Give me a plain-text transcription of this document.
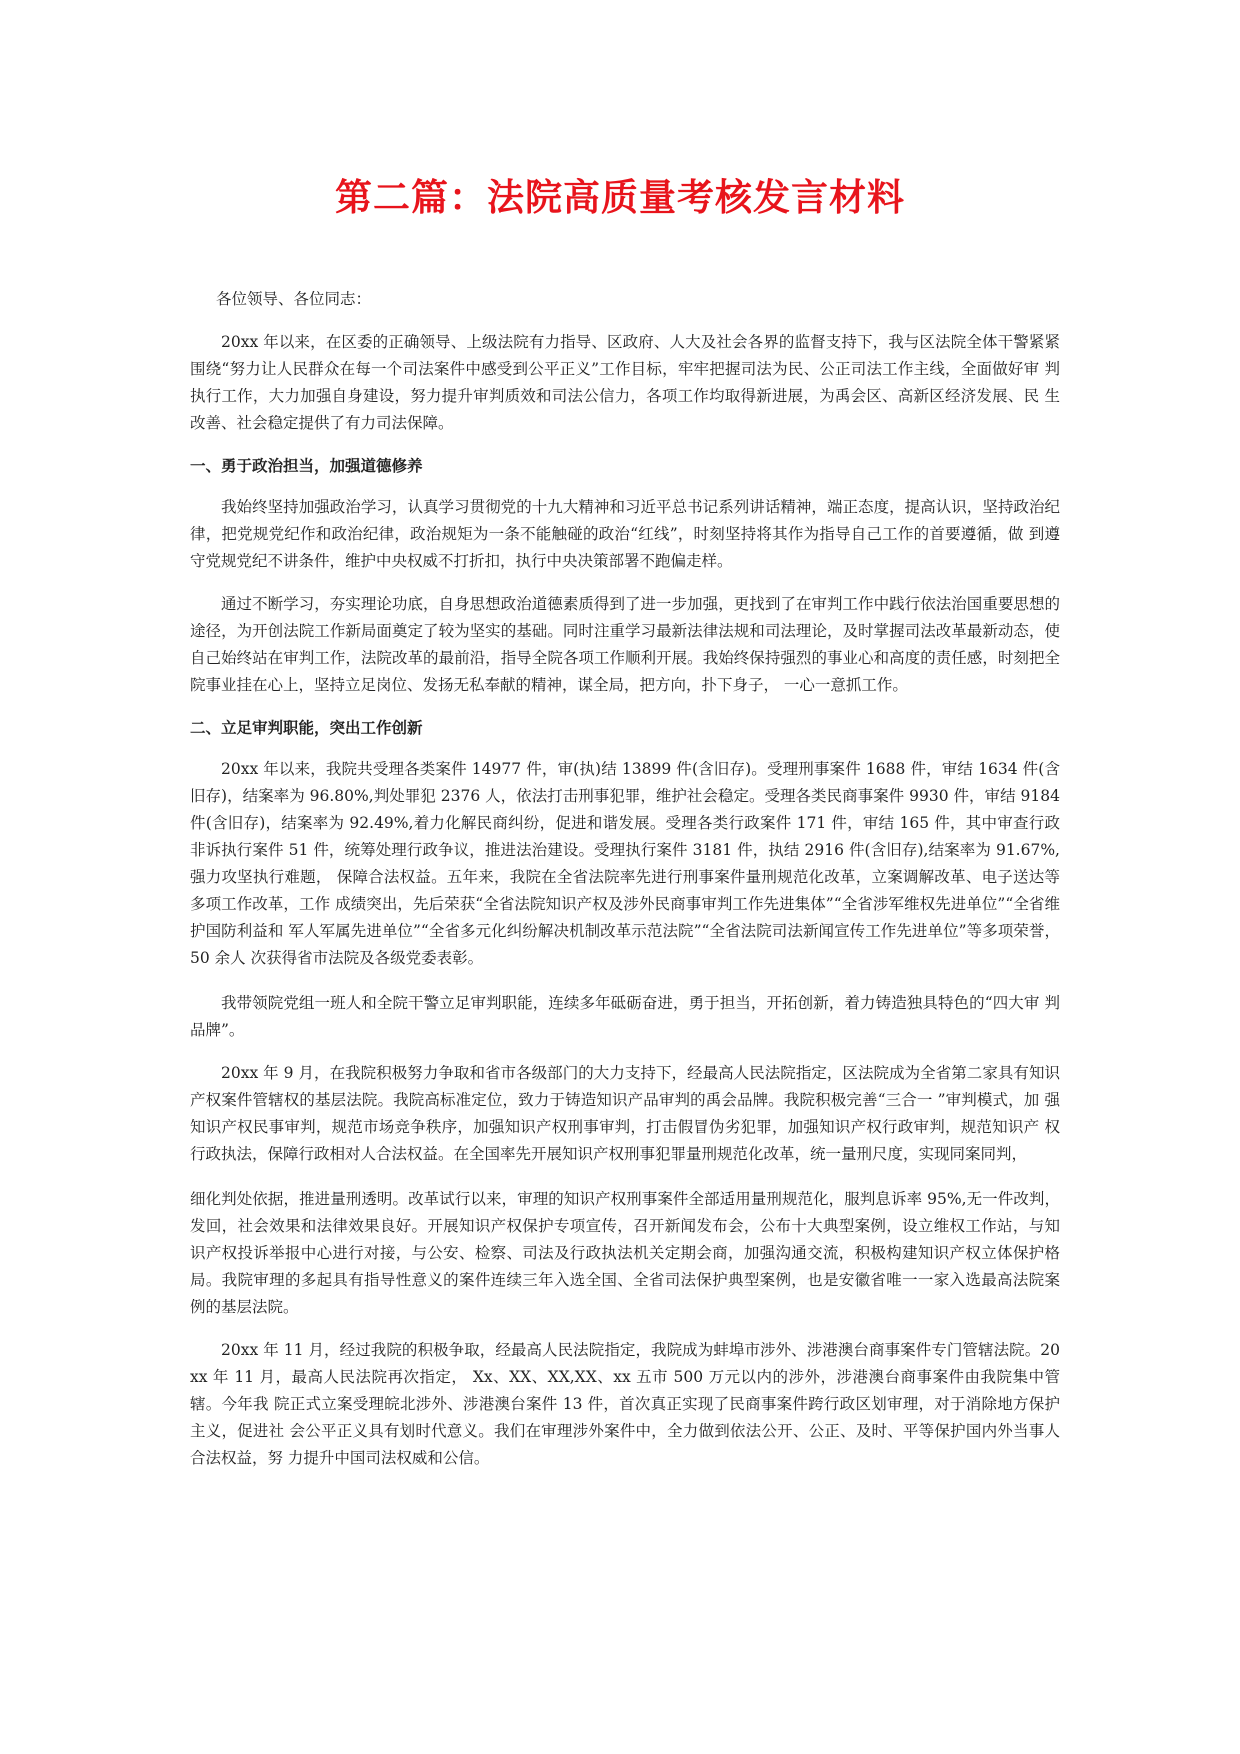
第二篇：法院高质量考核发言材料

各位领导、各位同志：

20xx 年以来，在区委的正确领导、上级法院有力指导、区政府、人大及社会各界的监督支持下，我与区法院全体干警紧紧 围绕“努力让人民群众在每一个司法案件中感受到公平正义”工作目标，牢牢把握司法为民、公正司法工作主线，全面做好审 判执行工作，大力加强自身建设，努力提升审判质效和司法公信力，各项工作均取得新进展，为禹会区、高新区经济发展、民 生改善、社会稳定提供了有力司法保障。

一、勇于政治担当，加强道德修养

我始终坚持加强政治学习，认真学习贯彻党的十九大精神和习近平总书记系列讲话精神，端正态度，提高认识，坚持政治纪律，把党规党纪作和政治纪律，政治规矩为一条不能触碰的政治“红线”，时刻坚持将其作为指导自己工作的首要遵循，做 到遵守党规党纪不讲条件，维护中央权威不打折扣，执行中央决策部署不跑偏走样。

通过不断学习，夯实理论功底，自身思想政治道德素质得到了进一步加强，更找到了在审判工作中践行依法治国重要思想的途径，为开创法院工作新局面奠定了较为坚实的基础。同时注重学习最新法律法规和司法理论，及时掌握司法改革最新动态，使自己始终站在审判工作，法院改革的最前沿，指导全院各项工作顺利开展。我始终保持强烈的事业心和高度的责任感，时刻把全院事业挂在心上，坚持立足岗位、发扬无私奉献的精神，谋全局，把方向，扑下身子， 一心一意抓工作。

二、立足审判职能，突出工作创新

20xx 年以来，我院共受理各类案件 14977 件，审(执)结 13899 件(含旧存)。受理刑事案件 1688 件，审结 1634 件(含旧存)，结案率为 96.80%,判处罪犯 2376 人，依法打击刑事犯罪，维护社会稳定。受理各类民商事案件 9930 件，审结 9184 件(含旧存)，结案率为 92.49%,着力化解民商纠纷，促进和谐发展。受理各类行政案件 171 件，审结 165 件，其中审查行政非诉执行案件 51 件，统筹处理行政争议，推进法治建设。受理执行案件 3181 件，执结 2916 件(含旧存),结案率为 91.67%,强力攻坚执行难题， 保障合法权益。五年来，我院在全省法院率先进行刑事案件量刑规范化改革，立案调解改革、电子送达等多项工作改革，工作 成绩突出，先后荣获“全省法院知识产权及涉外民商事审判工作先进集体”“全省涉军维权先进单位”“全省维护国防利益和 军人军属先进单位”“全省多元化纠纷解决机制改革示范法院”“全省法院司法新闻宣传工作先进单位”等多项荣誉，50 余人 次获得省市法院及各级党委表彰。

我带领院党组一班人和全院干警立足审判职能，连续多年砥砺奋进，勇于担当，开拓创新，着力铸造独具特色的“四大审 判品牌”。

20xx 年 9 月，在我院积极努力争取和省市各级部门的大力支持下，经最高人民法院指定，区法院成为全省第二家具有知识 产权案件管辖权的基层法院。我院高标准定位，致力于铸造知识产品审判的禹会品牌。我院积极完善“三合一 ”审判模式，加 强知识产权民事审判，规范市场竞争秩序，加强知识产权刑事审判，打击假冒伪劣犯罪，加强知识产权行政审判，规范知识产 权行政执法，保障行政相对人合法权益。在全国率先开展知识产权刑事犯罪量刑规范化改革，统一量刑尺度，实现同案同判，

细化判处依据，推进量刑透明。改革试行以来，审理的知识产权刑事案件全部适用量刑规范化，服判息诉率 95%,无一件改判， 发回，社会效果和法律效果良好。开展知识产权保护专项宣传，召开新闻发布会，公布十大典型案例，设立维权工作站，与知 识产权投诉举报中心进行对接，与公安、检察、司法及行政执法机关定期会商，加强沟通交流，积极构建知识产权立体保护格 局。我院审理的多起具有指导性意义的案件连续三年入选全国、全省司法保护典型案例，也是安徽省唯一一家入选最高法院案 例的基层法院。

20xx 年 11 月，经过我院的积极争取，经最高人民法院指定，我院成为蚌埠市涉外、涉港澳台商事案件专门管辖法院。20xx 年 11 月，最高人民法院再次指定， Xx、XX、XX,XX、xx 五市 500 万元以内的涉外，涉港澳台商事案件由我院集中管辖。今年我 院正式立案受理皖北涉外、涉港澳台案件 13 件，首次真正实现了民商事案件跨行政区划审理，对于消除地方保护主义，促进社 会公平正义具有划时代意义。我们在审理涉外案件中，全力做到依法公开、公正、及时、平等保护国内外当事人合法权益，努 力提升中国司法权威和公信。
